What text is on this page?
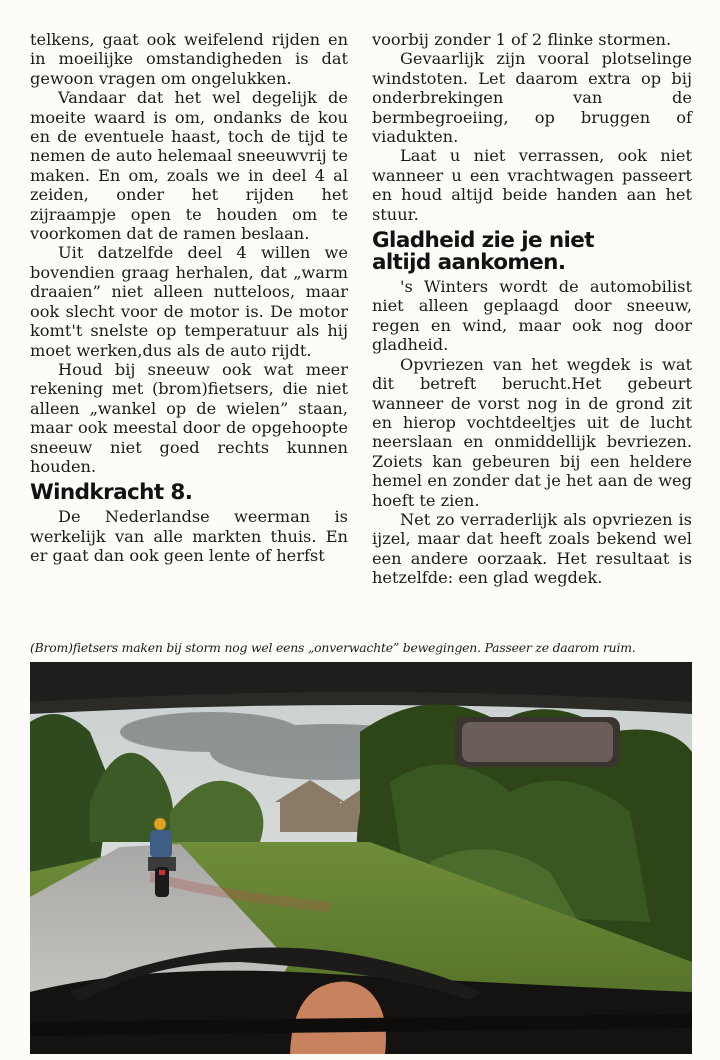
telkens, gaat ook weifelend rijden en in moeilijke omstandigheden is dat gewoon vragen om ongelukken.

Vandaar dat het wel degelijk de moeite waard is om, ondanks de kou en de eventuele haast, toch de tijd te nemen de auto helemaal sneeuwvrij te maken. En om, zoals we in deel 4 al zeiden, onder het rijden het zijraampje open te houden om te voorkomen dat de ramen beslaan.

Uit datzelfde deel 4 willen we bovendien graag herhalen, dat „warm draaien” niet alleen nutteloos, maar ook slecht voor de motor is. De motor komt't snelste op temperatuur als hij moet werken,dus als de auto rijdt.

Houd bij sneeuw ook wat meer rekening met (brom)fietsers, die niet alleen „wankel op de wielen” staan, maar ook meestal door de opgehoopte sneeuw niet goed rechts kunnen houden.

Windkracht 8.

De Nederlandse weerman is werkelijk van alle markten thuis. En er gaat dan ook geen lente of herfst

voorbij zonder 1 of 2 flinke stormen.

Gevaarlijk zijn vooral plotselinge windstoten. Let daarom extra op bij onderbrekingen van de bermbegroeiing, op bruggen of viadukten.

Laat u niet verrassen, ook niet wanneer u een vrachtwagen passeert en houd altijd beide handen aan het stuur.

Gladheid zie je niet
altijd aankomen.

's Winters wordt de automobilist niet alleen geplaagd door sneeuw, regen en wind, maar ook nog door gladheid.

Opvriezen van het wegdek is wat dit betreft berucht.Het gebeurt wanneer de vorst nog in de grond zit en hierop vochtdeeltjes uit de lucht neerslaan en onmiddellijk bevriezen. Zoiets kan gebeuren bij een heldere hemel en zonder dat je het aan de weg hoeft te zien.

Net zo verraderlijk als opvriezen is ijzel, maar dat heeft zoals bekend wel een andere oorzaak. Het resultaat is hetzelfde: een glad wegdek.

(Brom)fietsers maken bij storm nog wel eens „onverwachte” bewegingen. Passeer ze daarom ruim.
